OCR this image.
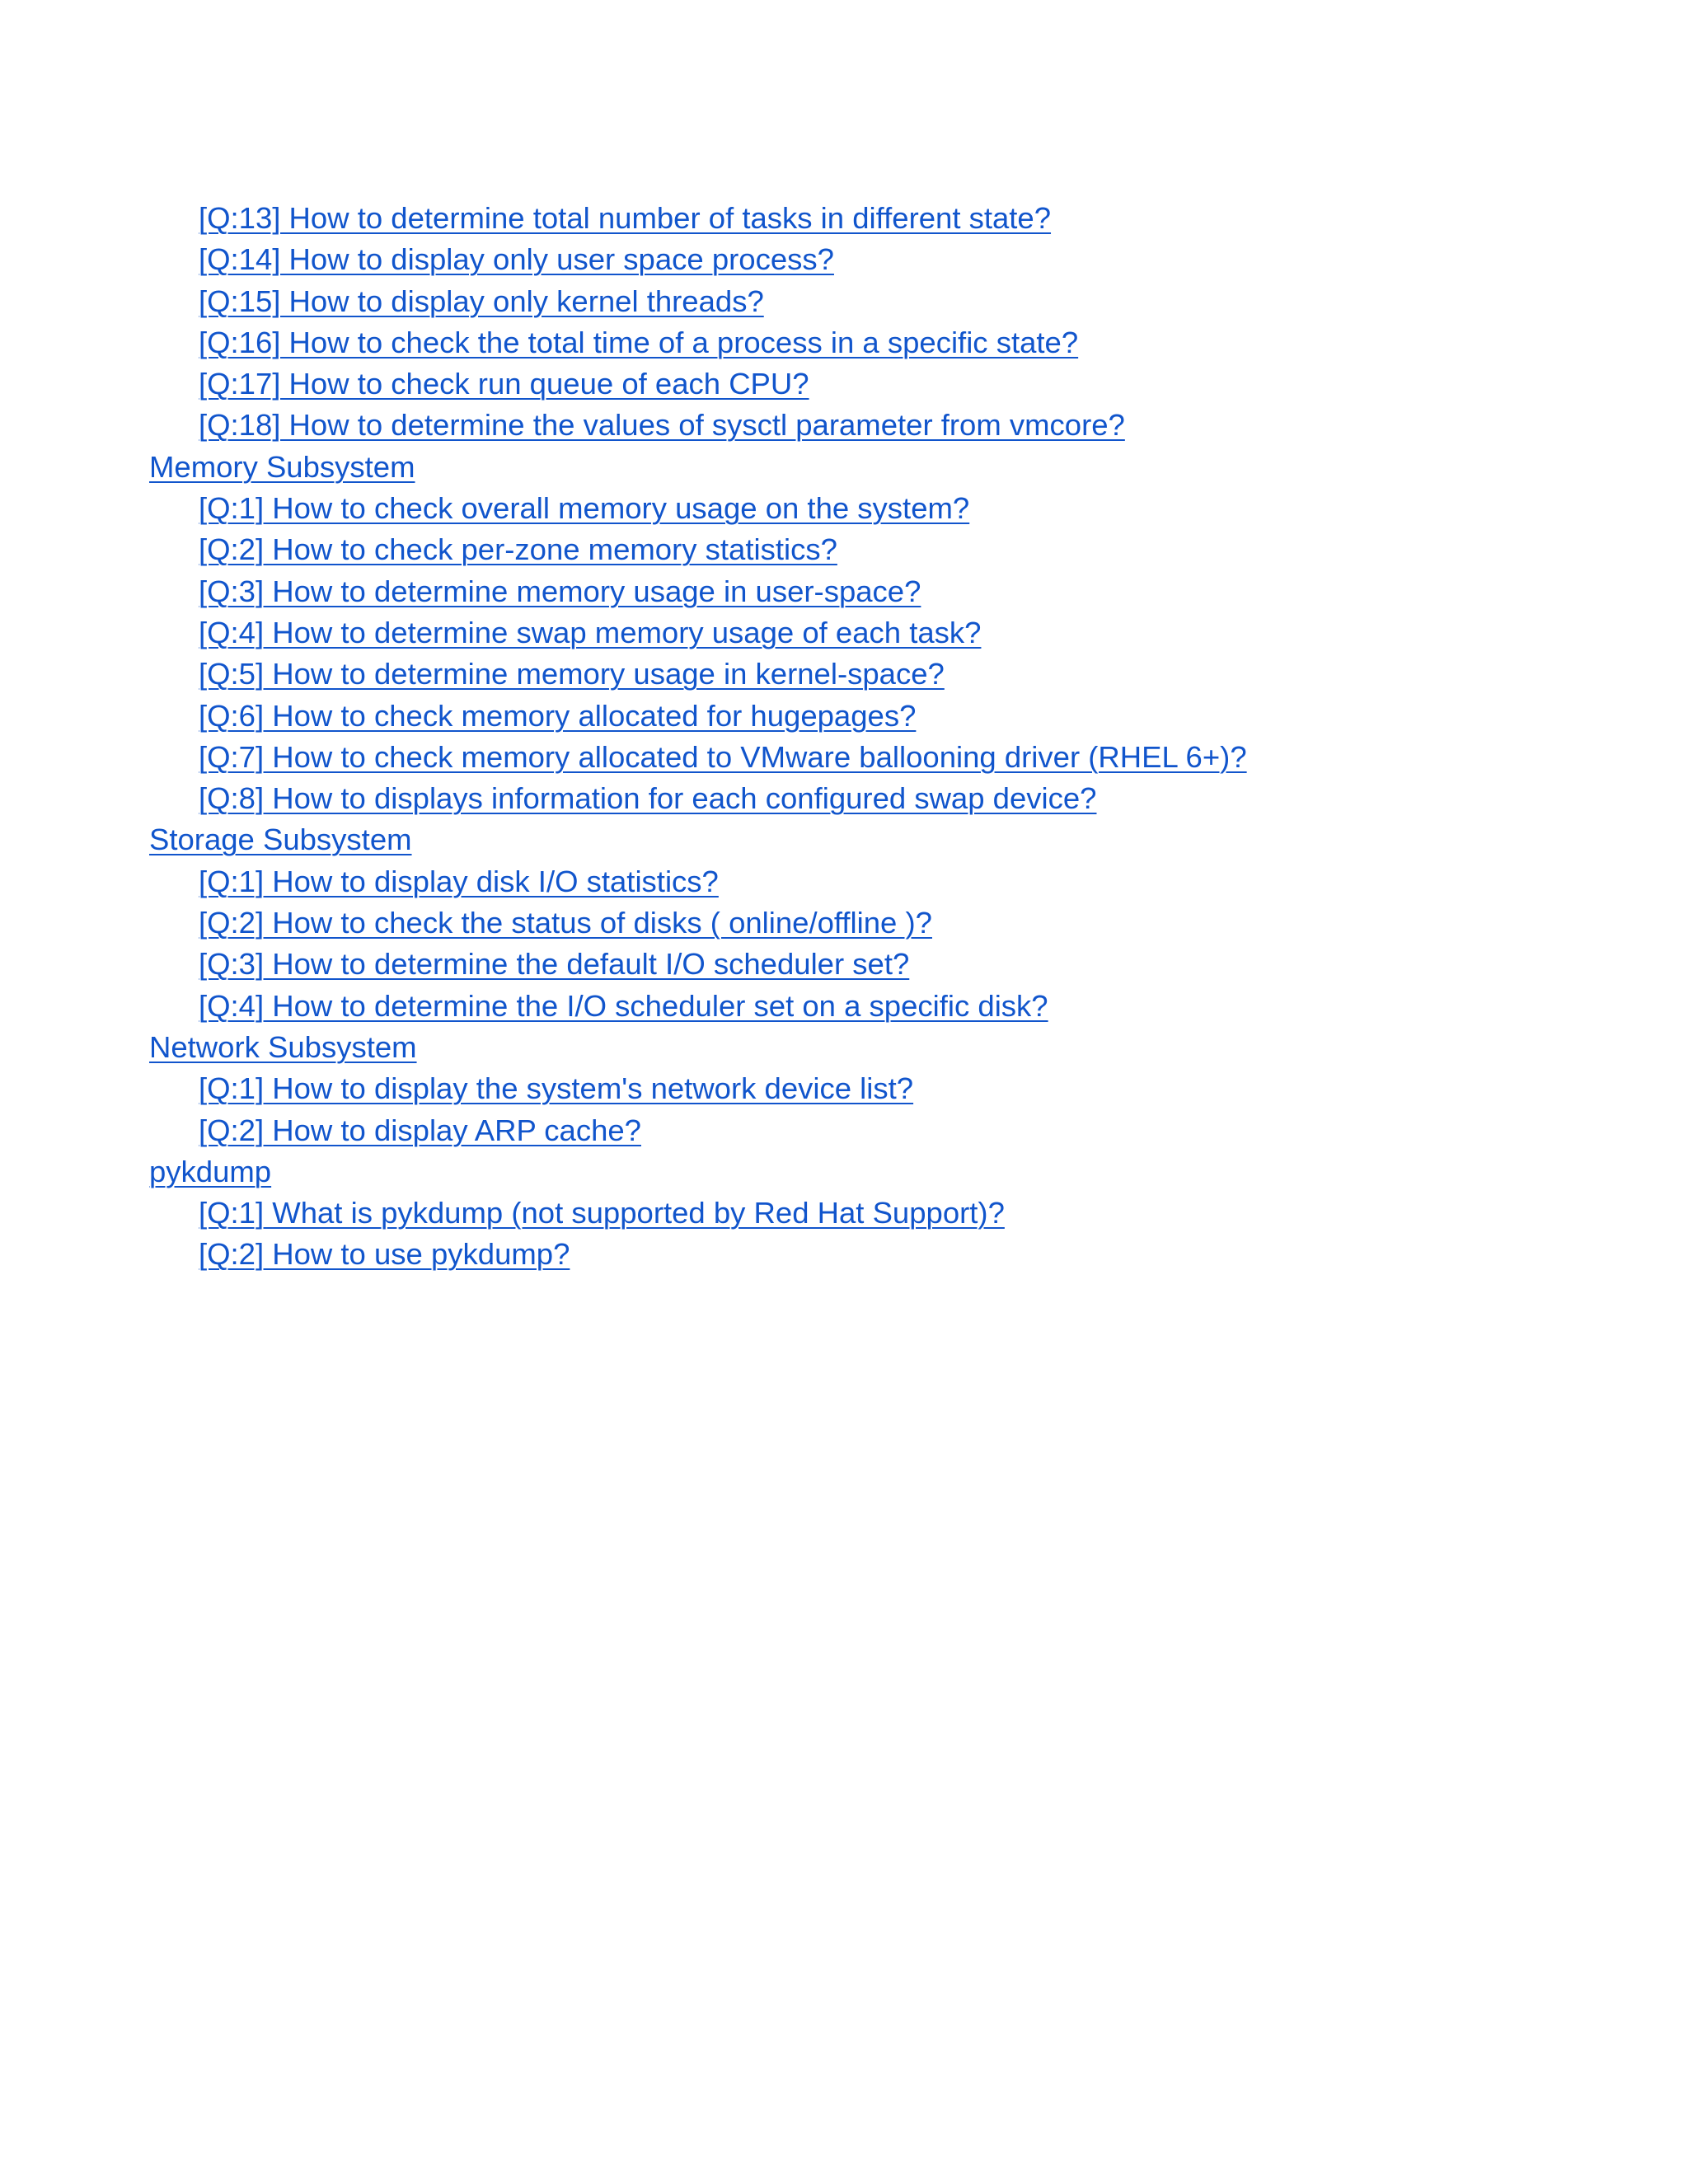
[Q:13] How to determine total number of tasks in different state?
[Q:14] How to display only user space process?
[Q:15] How to display only kernel threads?
[Q:16] How to check the total time of a process in a specific state?
[Q:17] How to check run queue of each CPU?
[Q:18] How to determine the values of sysctl parameter from vmcore?
Memory Subsystem
[Q:1] How to check overall memory usage on the system?
[Q:2] How to check per-zone memory statistics?
[Q:3] How to determine memory usage in user-space?
[Q:4] How to determine swap memory usage of each task?
[Q:5] How to determine memory usage in kernel-space?
[Q:6] How to check memory allocated for hugepages?
[Q:7] How to check memory allocated to VMware ballooning driver (RHEL 6+)?
[Q:8] How to displays information for each configured swap device?
Storage Subsystem
[Q:1] How to display disk I/O statistics?
[Q:2] How to check the status of disks ( online/offline )?
[Q:3] How to determine the default I/O scheduler set?
[Q:4] How to determine the I/O scheduler set on a specific disk?
Network Subsystem
[Q:1] How to display the system's network device list?
[Q:2] How to display ARP cache?
pykdump
[Q:1] What is pykdump (not supported by Red Hat Support)?
[Q:2] How to use pykdump?
